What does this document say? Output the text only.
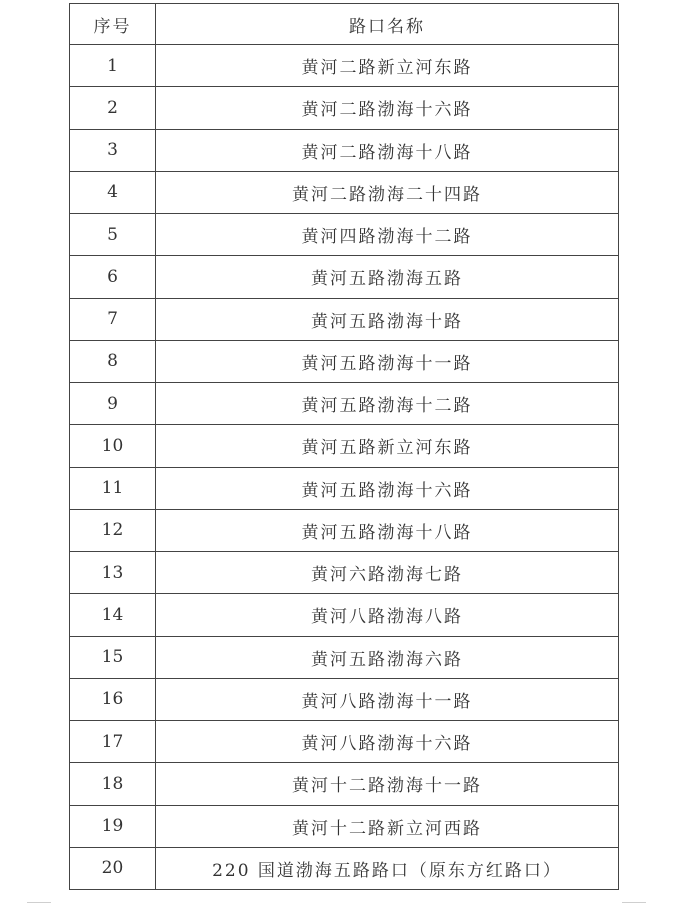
序号	路口名称
1	黄河二路新立河东路
2	黄河二路渤海十六路
3	黄河二路渤海十八路
4	黄河二路渤海二十四路
5	黄河四路渤海十二路
6	黄河五路渤海五路
7	黄河五路渤海十路
8	黄河五路渤海十一路
9	黄河五路渤海十二路
10	黄河五路新立河东路
11	黄河五路渤海十六路
12	黄河五路渤海十八路
13	黄河六路渤海七路
14	黄河八路渤海八路
15	黄河五路渤海六路
16	黄河八路渤海十一路
17	黄河八路渤海十六路
18	黄河十二路渤海十一路
19	黄河十二路新立河西路
20	220 国道渤海五路路口（原东方红路口）
